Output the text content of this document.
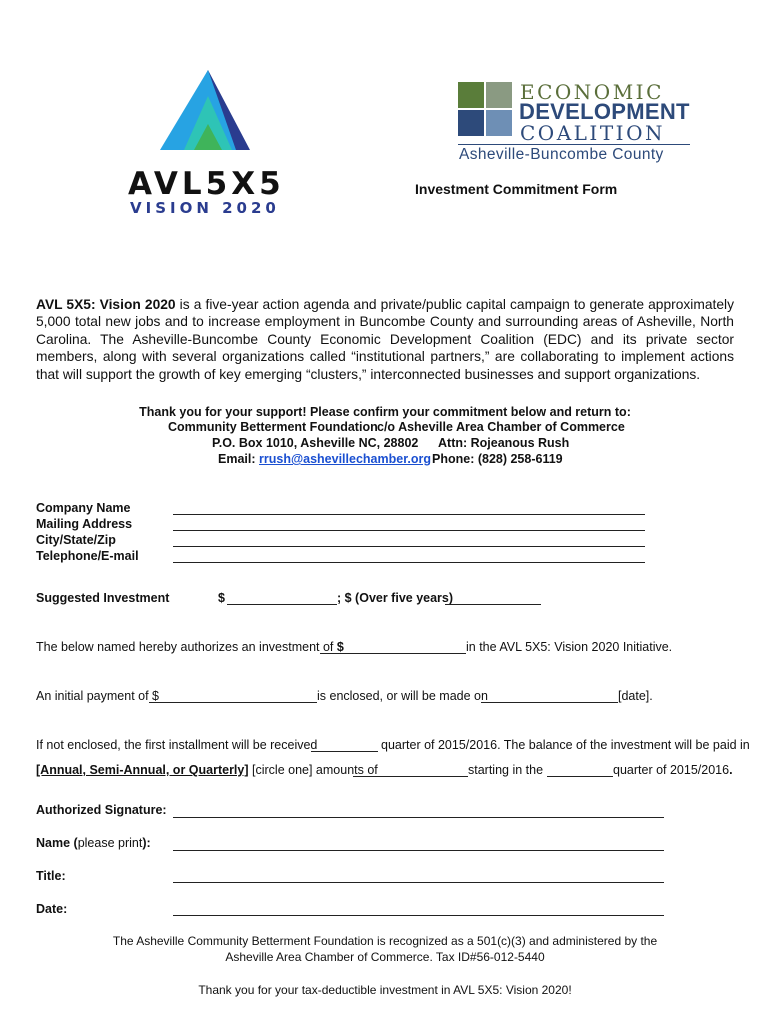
AVL5X5
VISION 2020
ECONOMIC
DEVELOPMENT
COALITION
Asheville-Buncombe County
Investment Commitment Form
AVL 5X5: Vision 2020 is a five-year action agenda and private/public capital campaign to generate approximately 5,000 total new jobs and to increase employment in Buncombe County and surrounding areas of Asheville, North Carolina. The Asheville-Buncombe County Economic Development Coalition (EDC) and its private sector members, along with several organizations called “institutional partners,” are collaborating to implement actions that will support the growth of key emerging “clusters,” interconnected businesses and support organizations.
Thank you for your support! Please confirm your commitment below and return to:
Community Betterment Foundation c/o Asheville Area Chamber of Commerce
P.O. Box 1010, Asheville NC, 28802 Attn: Rojeanous Rush
Email: rrush@ashevillechamber.org Phone: (828) 258-6119
Company Name
Mailing Address
City/State/Zip
Telephone/E-mail
Suggested Investment	$	; $ (Over five years)
The below named hereby authorizes an investment of $	in the AVL 5X5: Vision 2020 Initiative.
An initial payment of $	is enclosed, or will be made on	[date].
If not enclosed, the first installment will be received	quarter of 2015/2016. The balance of the investment will be paid in
[Annual, Semi-Annual, or Quarterly] [circle one] amounts of	starting in the	quarter of 2015/2016.
Authorized Signature:
Name (please print):
Title:
Date:
The Asheville Community Betterment Foundation is recognized as a 501(c)(3) and administered by the
Asheville Area Chamber of Commerce. Tax ID#56-012-5440
Thank you for your tax-deductible investment in AVL 5X5: Vision 2020!
